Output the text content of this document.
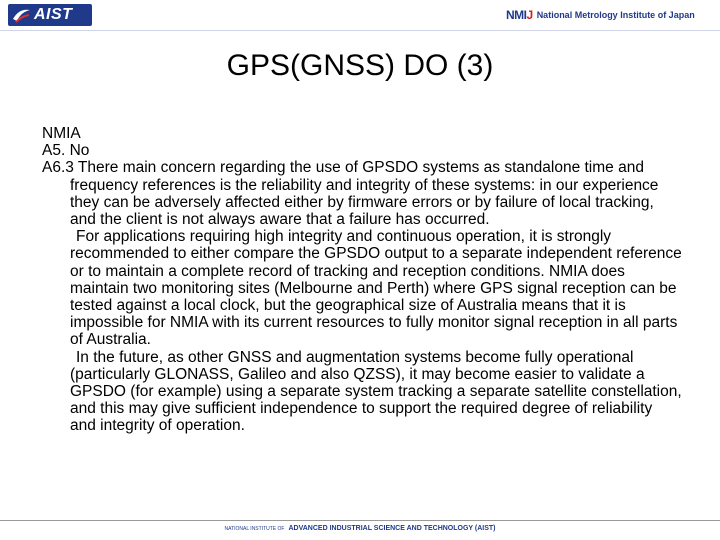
AIST	NMIJ National Metrology Institute of Japan
GPS(GNSS) DO (3)

NMIA

A5. No

A6.3 There main concern regarding the use of GPSDO systems as standalone time and frequency references is the reliability and integrity of these systems: in our experience they can be adversely affected either by firmware errors or by failure of local tracking, and the client is not always aware that a failure has occurred.

For applications requiring high integrity and continuous operation, it is strongly recommended to either compare the GPSDO output to a separate independent reference or to maintain a complete record of tracking and reception conditions. NMIA does maintain two monitoring sites (Melbourne and Perth) where GPS signal reception can be tested against a local clock, but the geographical size of Australia means that it is impossible for NMIA with its current resources to fully monitor signal reception in all parts of Australia.

In the future, as other GNSS and augmentation systems become fully operational (particularly GLONASS, Galileo and also QZSS), it may become easier to validate a GPSDO (for example) using a separate system tracking a separate satellite constellation, and this may give sufficient independence to support the required degree of reliability and integrity of operation.

NATIONAL INSTITUTE OF ADVANCED INDUSTRIAL SCIENCE AND TECHNOLOGY (AIST)
